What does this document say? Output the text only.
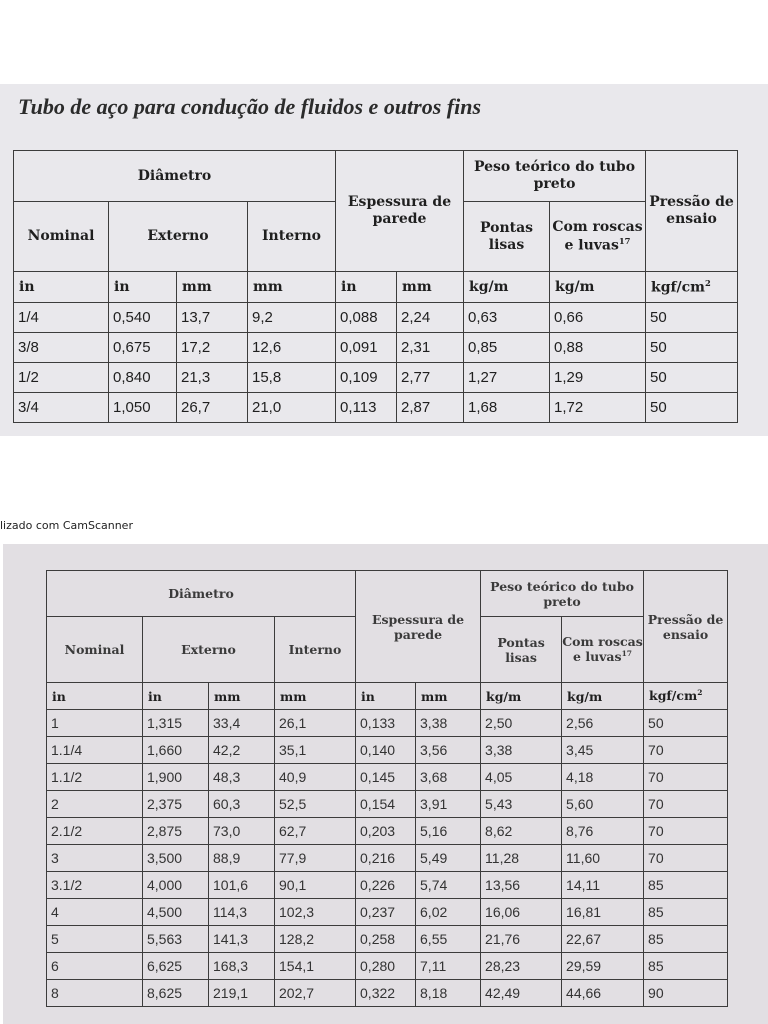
Tubo de aço para condução de fluidos e outros fins
Diâmetro				Espessura de parede		Peso teórico do tubo preto		Pressão de ensaio
Nominal	Externo		Interno			Pontas lisas	Com roscas e luvas$^{17}$
in	in	mm	mm	in	mm	kg/m	kg/m	kgf/$cm^2$
1/4	0,540	13,7	9,2	0,088	2,24	0,63	0,66	50
3/8	0,675	17,2	12,6	0,091	2,31	0,85	0,88	50
1/2	0,840	21,3	15,8	0,109	2,77	1,27	1,29	50
3/4	1,050	26,7	21,0	0,113	2,87	1,68	1,72	50
lizado com CamScanner
Diâmetro				Espessura de parede		Peso teórico do tubo preto		Pressão de ensaio
Nominal	Externo		Interno			Pontas lisas	Com roscas e luvas$^{17}$
in	in	mm	mm	in	mm	kg/m	kg/m	kgf/$cm^2$
1	1,315	33,4	26,1	0,133	3,38	2,50	2,56	50
1.1/4	1,660	42,2	35,1	0,140	3,56	3,38	3,45	70
1.1/2	1,900	48,3	40,9	0,145	3,68	4,05	4,18	70
2	2,375	60,3	52,5	0,154	3,91	5,43	5,60	70
2.1/2	2,875	73,0	62,7	0,203	5,16	8,62	8,76	70
3	3,500	88,9	77,9	0,216	5,49	11,28	11,60	70
3.1/2	4,000	101,6	90,1	0,226	5,74	13,56	14,11	85
4	4,500	114,3	102,3	0,237	6,02	16,06	16,81	85
5	5,563	141,3	128,2	0,258	6,55	21,76	22,67	85
6	6,625	168,3	154,1	0,280	7,11	28,23	29,59	85
8	8,625	219,1	202,7	0,322	8,18	42,49	44,66	90
